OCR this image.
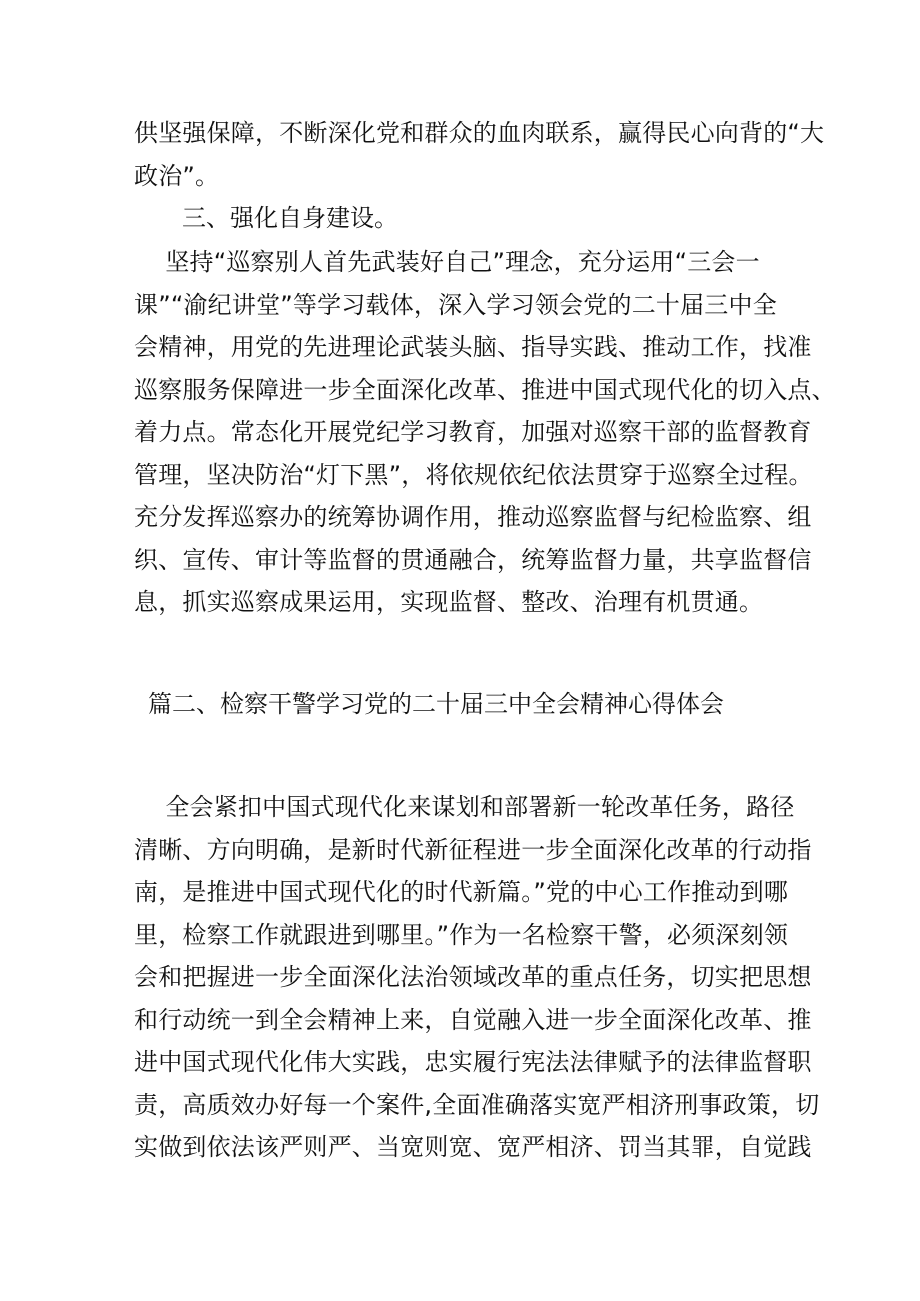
供坚强保障，不断深化党和群众的血肉联系，赢得民心向背的“大
政治”。
三、强化自身建设。
坚持“巡察别人首先武装好自己”理念，充分运用“三会一
课”“渝纪讲堂”等学习载体，深入学习领会党的二十届三中全
会精神，用党的先进理论武装头脑、指导实践、推动工作，找准
巡察服务保障进一步全面深化改革、推进中国式现代化的切入点、
着力点。常态化开展党纪学习教育，加强对巡察干部的监督教育
管理，坚决防治“灯下黑”，将依规依纪依法贯穿于巡察全过程。
充分发挥巡察办的统筹协调作用，推动巡察监督与纪检监察、组
织、宣传、审计等监督的贯通融合，统筹监督力量，共享监督信
息，抓实巡察成果运用，实现监督、整改、治理有机贯通。
篇二、检察干警学习党的二十届三中全会精神心得体会
全会紧扣中国式现代化来谋划和部署新一轮改革任务，路径
清晰、方向明确，是新时代新征程进一步全面深化改革的行动指
南，是推进中国式现代化的时代新篇。”党的中心工作推动到哪
里，检察工作就跟进到哪里。”作为一名检察干警，必须深刻领
会和把握进一步全面深化法治领域改革的重点任务，切实把思想
和行动统一到全会精神上来，自觉融入进一步全面深化改革、推
进中国式现代化伟大实践，忠实履行宪法法律赋予的法律监督职
责，高质效办好每一个案件,全面准确落实宽严相济刑事政策，切
实做到依法该严则严、当宽则宽、宽严相济、罚当其罪，自觉践
